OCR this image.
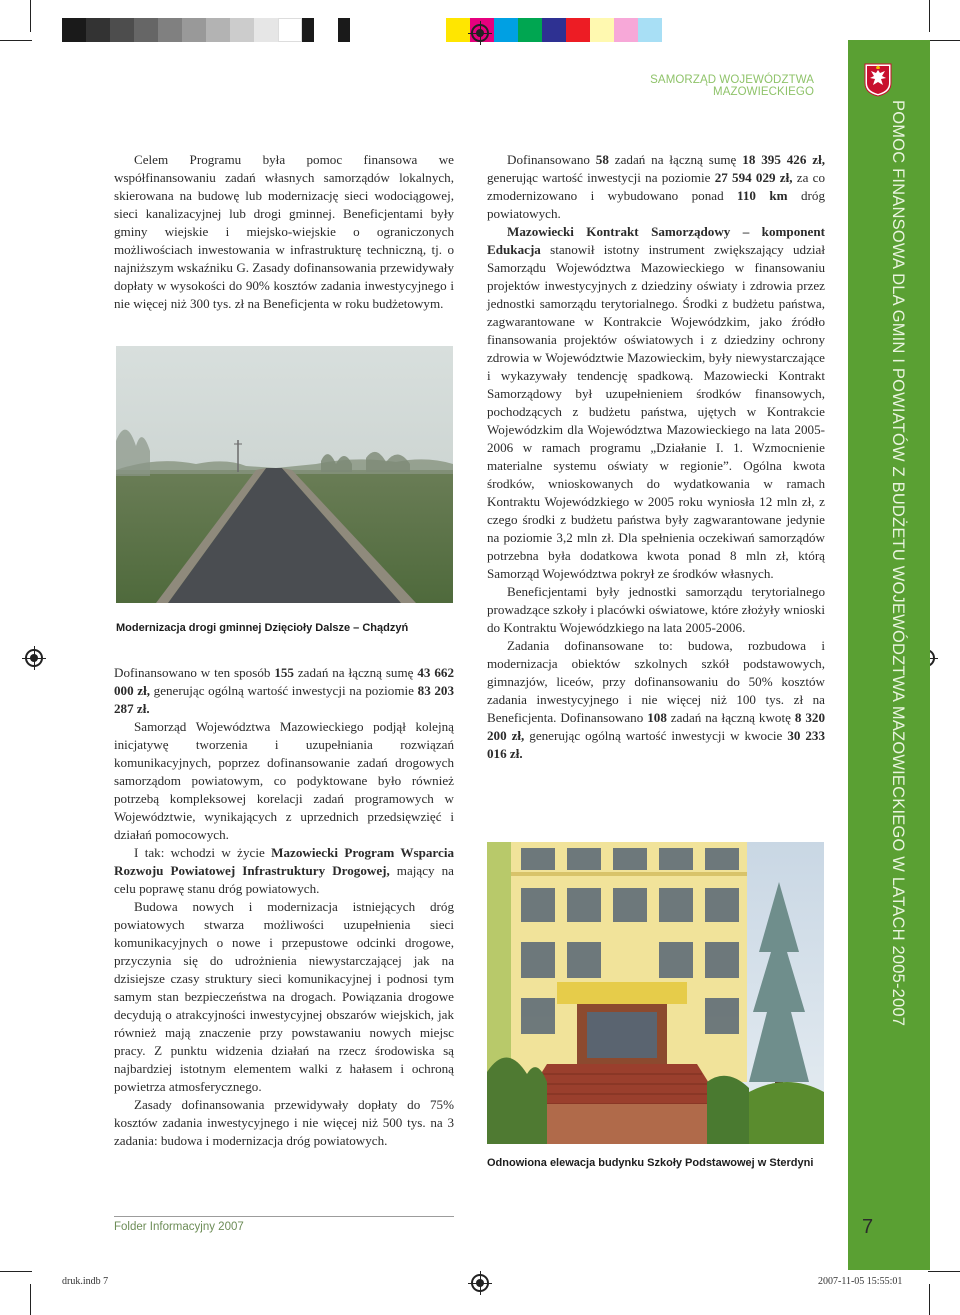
POMOC FINANSOWA DLA GMIN I POWIATÓW Z BUDŻETU WOJEWÓDZTWA MAZOWIECKIEGO W LATACH 2005-2007
SAMORZĄD WOJEWÓDZTWA MAZOWIECKIEGO

Celem Programu była pomoc finansowa we współfinansowaniu zadań własnych samorządów lokalnych, skierowana na budowę lub modernizację sieci wodociągowej, sieci kanalizacyjnej lub drogi gminnej. Beneficjentami były gminy wiejskie i miejsko-wiejskie o ograniczonych możliwościach inwestowania w infrastrukturę techniczną, tj. o najniższym wskaźniku G. Zasady dofinansowania przewidywały dopłaty w wysokości do 90% kosztów zadania inwestycyjnego i nie więcej niż 300 tys. zł na Beneficjenta w roku budżetowym.

Modernizacja drogi gminnej Dzięcioły Dalsze – Chądzyń

Dofinansowano w ten sposób 155 zadań na łączną sumę 43 662 000 zł, generując ogólną wartość inwestycji na poziomie 83 203 287 zł.

Samorząd Województwa Mazowieckiego podjął kolejną inicjatywę tworzenia i uzupełniania rozwiązań komunikacyjnych, poprzez dofinansowanie zadań drogowych samorządom powiatowym, co podyktowane było również potrzebą kompleksowej korelacji zadań programowych w Województwie, wynikających z uprzednich przedsięwzięć i działań pomocowych.

I tak: wchodzi w życie Mazowiecki Program Wsparcia Rozwoju Powiatowej Infrastruktury Drogowej, mający na celu poprawę stanu dróg powiatowych.

Budowa nowych i modernizacja istniejących dróg powiatowych stwarza możliwości uzupełnienia sieci komunikacyjnych o nowe i przepustowe odcinki drogowe, przyczynia się do udrożnienia niewystarczającej jak na dzisiejsze czasy struktury sieci komunikacyjnej i podnosi tym samym stan bezpieczeństwa na drogach. Powiązania drogowe decydują o atrakcyjności inwestycyjnej obszarów wiejskich, jak również mają znaczenie przy powstawaniu nowych miejsc pracy. Z punktu widzenia działań na rzecz środowiska są najbardziej istotnym elementem walki z hałasem i ochroną powietrza atmosferycznego.

Zasady dofinansowania przewidywały dopłaty do 75% kosztów zadania inwestycyjnego i nie więcej niż 500 tys. na 3 zadania: budowa i modernizacja dróg powiatowych.

Dofinansowano 58 zadań na łączną sumę 18 395 426 zł, generując wartość inwestycji na poziomie 27 594 029 zł, za co zmodernizowano i wybudowano ponad 110 km dróg powiatowych.

Mazowiecki Kontrakt Samorządowy – komponent Edukacja stanowił istotny instrument zwiększający udział Samorządu Województwa Mazowieckiego w finansowaniu projektów inwestycyjnych z dziedziny oświaty i zdrowia przez jednostki samorządu terytorialnego. Środki z budżetu państwa, zagwarantowane w Kontrakcie Wojewódzkim, jako źródło finansowania projektów oświatowych i z dziedziny ochrony zdrowia w Województwie Mazowieckim, były niewystarczające i wykazywały tendencję spadkową. Mazowiecki Kontrakt Samorządowy był uzupełnieniem środków finansowych, pochodzących z budżetu państwa, ujętych w Kontrakcie Wojewódzkim dla Województwa Mazowieckiego na lata 2005-2006 w ramach programu „Działanie I. 1. Wzmocnienie materialne systemu oświaty w regionie”. Ogólna kwota środków, wnioskowanych do wydatkowania w ramach Kontraktu Wojewódzkiego w 2005 roku wyniosła 12 mln zł, z czego środki z budżetu państwa były zagwarantowane jedynie na poziomie 3,2 mln zł. Dla spełnienia oczekiwań samorządów potrzebna była dodatkowa kwota ponad 8 mln zł, którą Samorząd Województwa pokrył ze środków własnych.

Beneficjentami były jednostki samorządu terytorialnego prowadzące szkoły i placówki oświatowe, które złożyły wnioski do Kontraktu Wojewódzkiego na lata 2005-2006.

Zadania dofinansowane to: budowa, rozbudowa i modernizacja obiektów szkolnych szkół podstawowych, gimnazjów, liceów, przy dofinansowaniu do 50% kosztów zadania inwestycyjnego i nie więcej niż 100 tys. zł na Beneficjenta. Dofinansowano 108 zadań na łączną kwotę 8 320 200 zł, generując ogólną wartość inwestycji w kwocie 30 233 016 zł.

Odnowiona elewacja budynku Szkoły Podstawowej w Sterdyni
Folder Informacyjny 2007	7
druk.indb 7	2007-11-05 15:55:01
